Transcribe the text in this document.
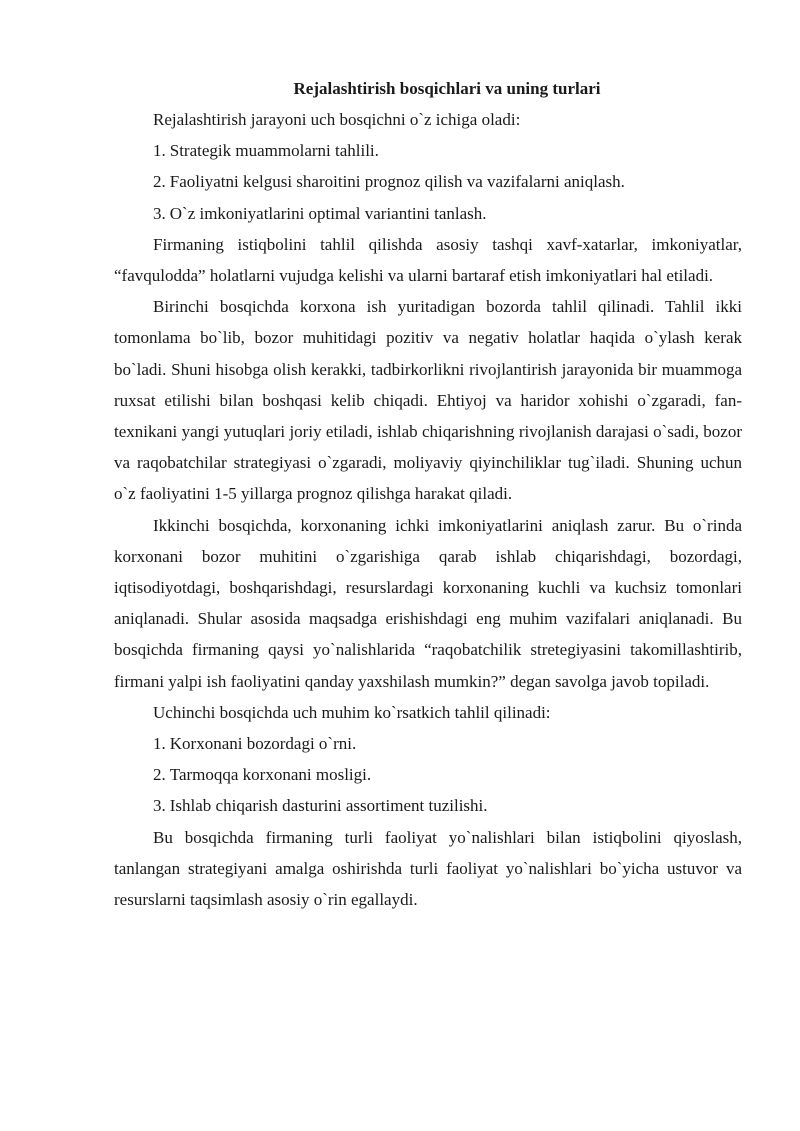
Rejalashtirish bosqichlari va uning turlari

Rejalashtirish jarayoni uch bosqichni o`z ichiga oladi:

1. Strategik muammolarni tahlili.

2. Faoliyatni kelgusi sharoitini prognoz qilish va vazifalarni aniqlash.

3. O`z imkoniyatlarini optimal variantini tanlash.

Firmaning istiqbolini tahlil qilishda asosiy tashqi xavf-xatarlar, imkoniyatlar, “favqulodda” holatlarni vujudga kelishi va ularni bartaraf etish imkoniyatlari hal etiladi.

Birinchi bosqichda korxona ish yuritadigan bozorda tahlil qilinadi. Tahlil ikki tomonlama bo`lib, bozor muhitidagi pozitiv va negativ holatlar haqida o`ylash kerak bo`ladi. Shuni hisobga olish kerakki, tadbirkorlikni rivojlantirish jarayonida bir muammoga ruxsat etilishi bilan boshqasi kelib chiqadi. Ehtiyoj va haridor xohishi o`zgaradi, fan-texnikani yangi yutuqlari joriy etiladi, ishlab chiqarishning rivojlanish darajasi o`sadi, bozor va raqobatchilar strategiyasi o`zgaradi, moliyaviy qiyinchiliklar tug`iladi. Shuning uchun o`z faoliyatini 1-5 yillarga prognoz qilishga harakat qiladi.

Ikkinchi bosqichda, korxonaning ichki imkoniyatlarini aniqlash zarur. Bu o`rinda korxonani bozor muhitini o`zgarishiga qarab ishlab chiqarishdagi, bozordagi, iqtisodiyotdagi, boshqarishdagi, resurslardagi korxonaning kuchli va kuchsiz tomonlari aniqlanadi. Shular asosida maqsadga erishishdagi eng muhim vazifalari aniqlanadi. Bu bosqichda firmaning qaysi yo`nalishlarida “raqobatchilik stretegiyasini takomillashtirib, firmani yalpi ish faoliyatini qanday yaxshilash mumkin?” degan savolga javob topiladi.

Uchinchi bosqichda uch muhim ko`rsatkich tahlil qilinadi:

1. Korxonani bozordagi o`rni.

2. Tarmoqqa korxonani mosligi.

3. Ishlab chiqarish dasturini assortiment tuzilishi.

Bu bosqichda firmaning turli faoliyat yo`nalishlari bilan istiqbolini qiyoslash, tanlangan strategiyani amalga oshirishda turli faoliyat yo`nalishlari bo`yicha ustuvor va resurslarni taqsimlash asosiy o`rin egallaydi.
